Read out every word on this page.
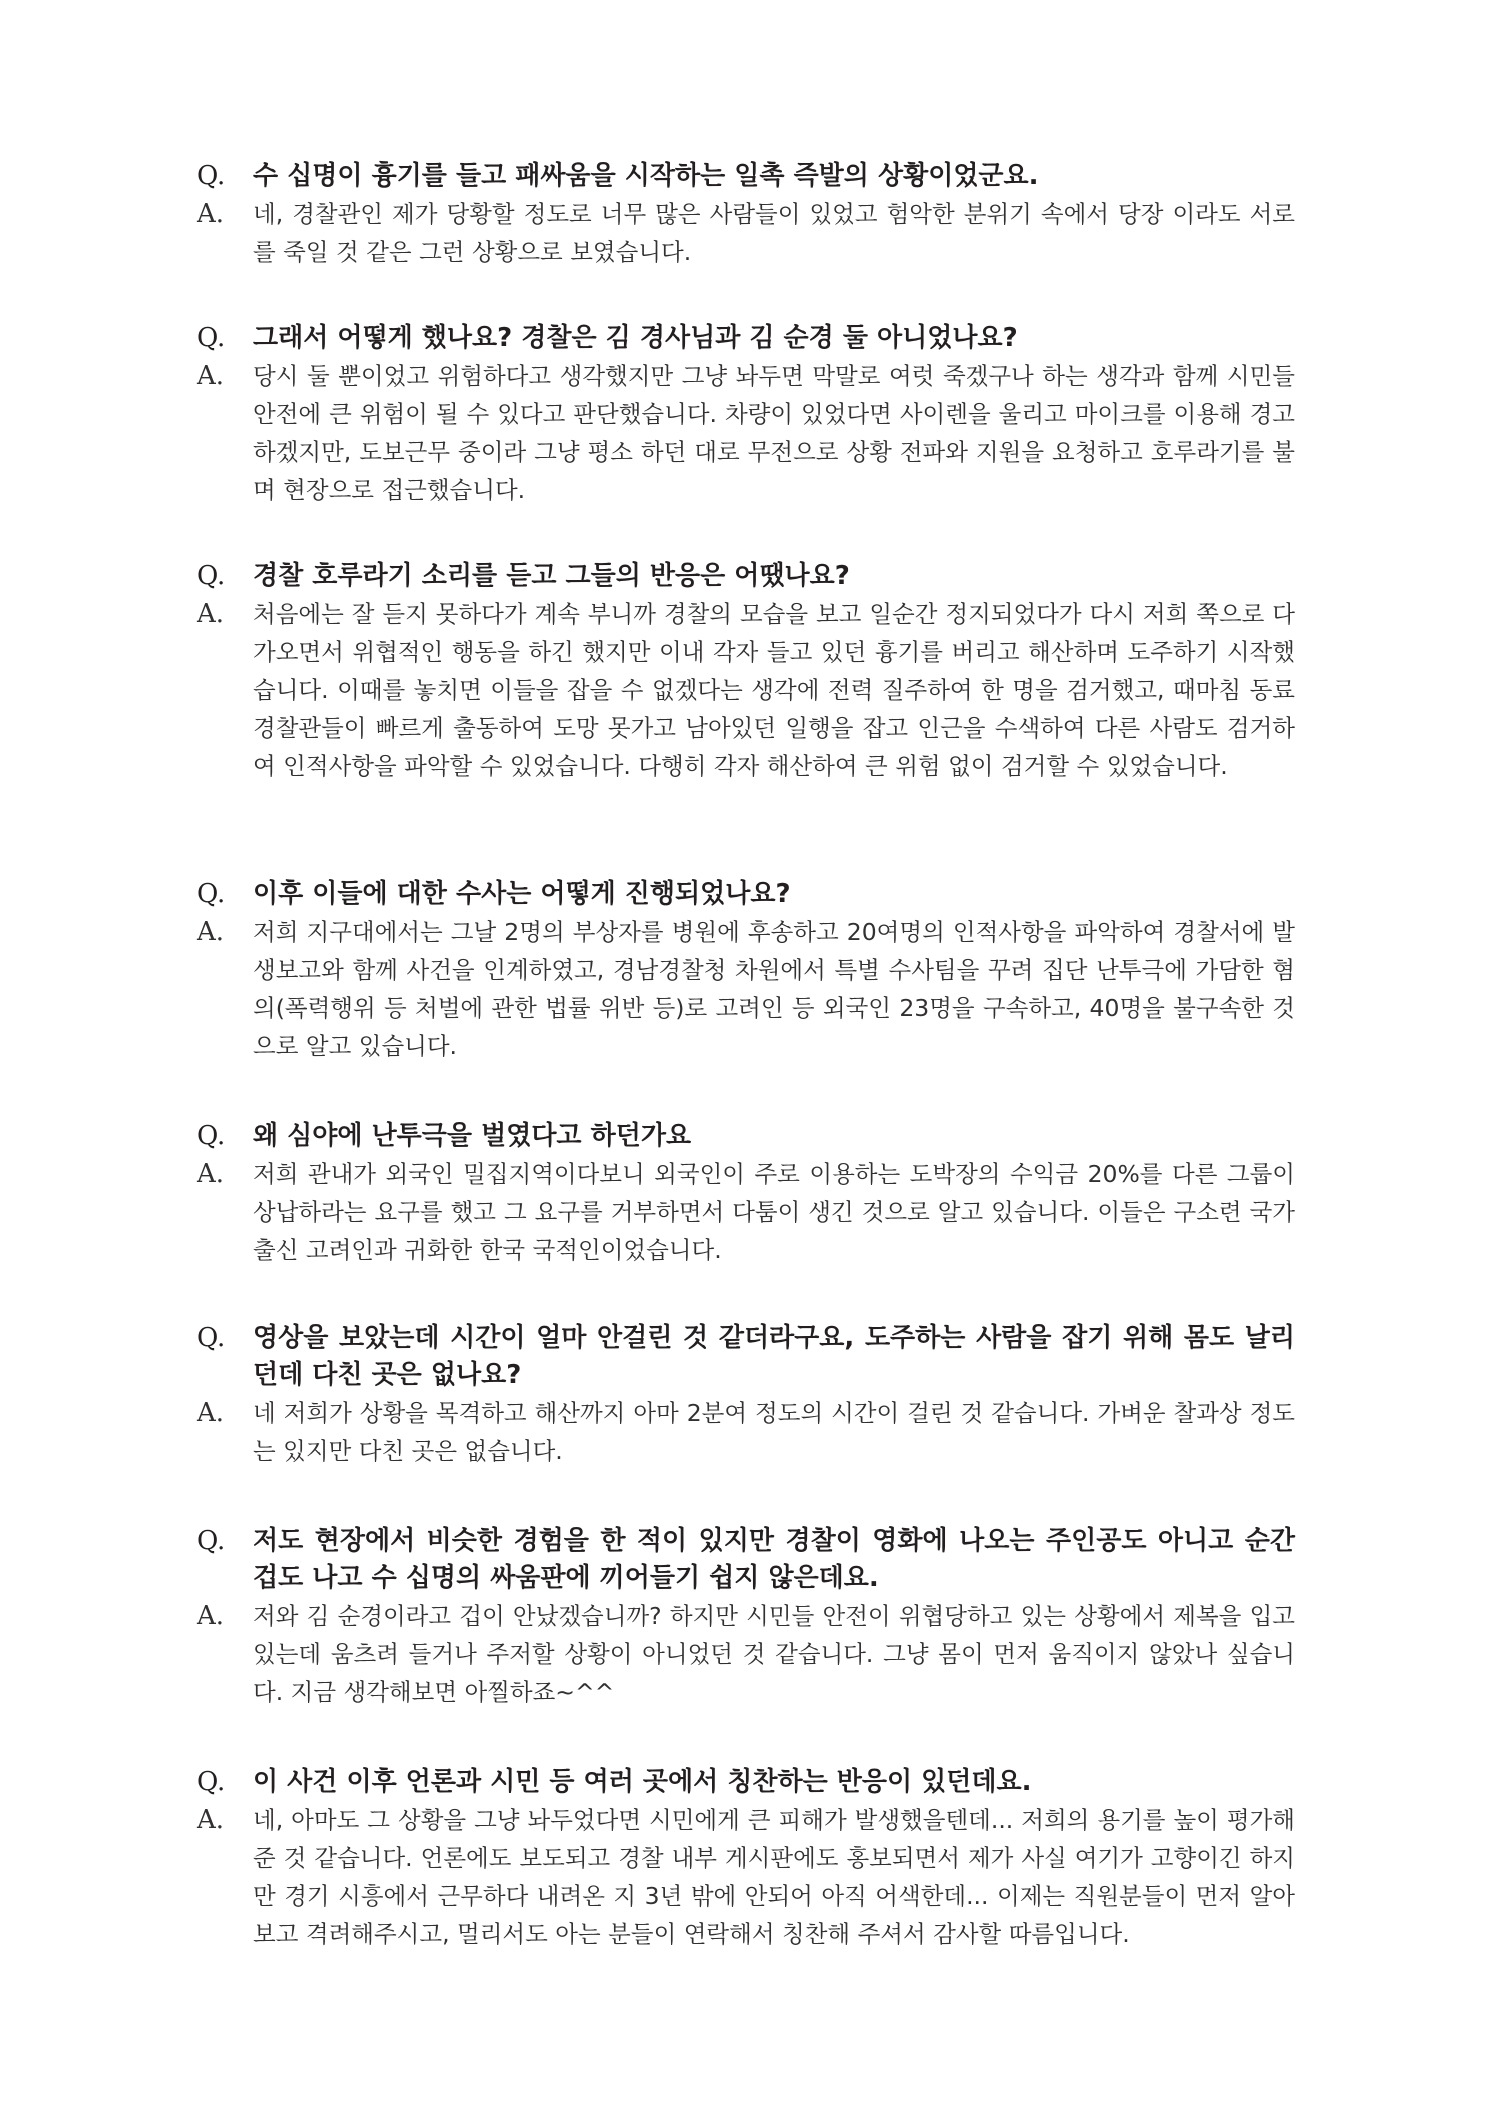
Q.	수 십명이 흉기를 들고 패싸움을 시작하는 일촉 즉발의 상황이었군요.
A.	네, 경찰관인 제가 당황할 정도로 너무 많은 사람들이 있었고 험악한 분위기 속에서 당장 이라도 서로를 죽일 것 같은 그런 상황으로 보였습니다.
Q.	그래서 어떻게 했나요? 경찰은 김 경사님과 김 순경 둘 아니었나요?
A.	당시 둘 뿐이었고 위험하다고 생각했지만 그냥 놔두면 막말로 여럿 죽겠구나 하는 생각과 함께 시민들 안전에 큰 위험이 될 수 있다고 판단했습니다. 차량이 있었다면 사이렌을 울리고 마이크를 이용해 경고하겠지만, 도보근무 중이라 그냥 평소 하던 대로 무전으로 상황 전파와 지원을 요청하고 호루라기를 불며 현장으로 접근했습니다.
Q.	경찰 호루라기 소리를 듣고 그들의 반응은 어땠나요?
A.	처음에는 잘 듣지 못하다가 계속 부니까 경찰의 모습을 보고 일순간 정지되었다가 다시 저희 쪽으로 다가오면서 위협적인 행동을 하긴 했지만 이내 각자 들고 있던 흉기를 버리고 해산하며 도주하기 시작했습니다. 이때를 놓치면 이들을 잡을 수 없겠다는 생각에 전력 질주하여 한 명을 검거했고, 때마침 동료 경찰관들이 빠르게 출동하여 도망 못가고 남아있던 일행을 잡고 인근을 수색하여 다른 사람도 검거하여 인적사항을 파악할 수 있었습니다. 다행히 각자 해산하여 큰 위험 없이 검거할 수 있었습니다.
Q.	이후 이들에 대한 수사는 어떻게 진행되었나요?
A.	저희 지구대에서는 그날 2명의 부상자를 병원에 후송하고 20여명의 인적사항을 파악하여 경찰서에 발생보고와 함께 사건을 인계하였고, 경남경찰청 차원에서 특별 수사팀을 꾸려 집단 난투극에 가담한 혐의(폭력행위 등 처벌에 관한 법률 위반 등)로 고려인 등 외국인 23명을 구속하고, 40명을 불구속한 것으로 알고 있습니다.
Q.	왜 심야에 난투극을 벌였다고 하던가요
A.	저희 관내가 외국인 밀집지역이다보니 외국인이 주로 이용하는 도박장의 수익금 20%를 다른 그룹이 상납하라는 요구를 했고 그 요구를 거부하면서 다툼이 생긴 것으로 알고 있습니다. 이들은 구소련 국가출신 고려인과 귀화한 한국 국적인이었습니다.
Q.	영상을 보았는데 시간이 얼마 안걸린 것 같더라구요, 도주하는 사람을 잡기 위해 몸도 날리던데 다친 곳은 없나요?
A.	네 저희가 상황을 목격하고 해산까지 아마 2분여 정도의 시간이 걸린 것 같습니다. 가벼운 찰과상 정도는 있지만 다친 곳은 없습니다.
Q.	저도 현장에서 비슷한 경험을 한 적이 있지만 경찰이 영화에 나오는 주인공도 아니고 순간 겁도 나고 수 십명의 싸움판에 끼어들기 쉽지 않은데요.
A.	저와 김 순경이라고 겁이 안났겠습니까? 하지만 시민들 안전이 위협당하고 있는 상황에서 제복을 입고 있는데 움츠려 들거나 주저할 상황이 아니었던 것 같습니다. 그냥 몸이 먼저 움직이지 않았나 싶습니다. 지금 생각해보면 아찔하죠~^^
Q.	이 사건 이후 언론과 시민 등 여러 곳에서 칭찬하는 반응이 있던데요.
A.	네, 아마도 그 상황을 그냥 놔두었다면 시민에게 큰 피해가 발생했을텐데... 저희의 용기를 높이 평가해 준 것 같습니다. 언론에도 보도되고 경찰 내부 게시판에도 홍보되면서 제가 사실 여기가 고향이긴 하지만 경기 시흥에서 근무하다 내려온 지 3년 밖에 안되어 아직 어색한데... 이제는 직원분들이 먼저 알아보고 격려해주시고, 멀리서도 아는 분들이 연락해서 칭찬해 주셔서 감사할 따름입니다.
